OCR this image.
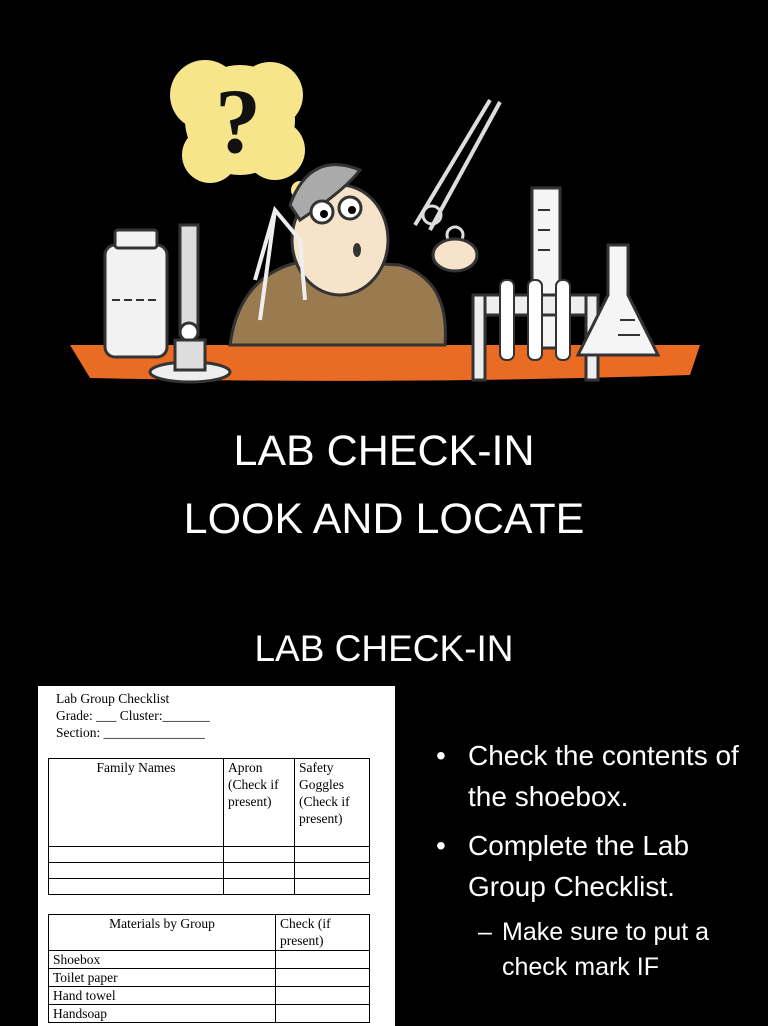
?
LAB CHECK-IN
LOOK AND LOCATE
LAB CHECK-IN
Lab Group Checklist
Grade: ___ Cluster:_______
Section: _______________
Family Names	Apron (Check if present)	Safety Goggles (Check if present)

Materials by Group	Check (if present)
Shoebox	
Toilet paper	
Hand towel	
Handsoap	
• Check the contents of the shoebox.
• Complete the Lab Group Checklist.
– Make sure to put a check mark IF
